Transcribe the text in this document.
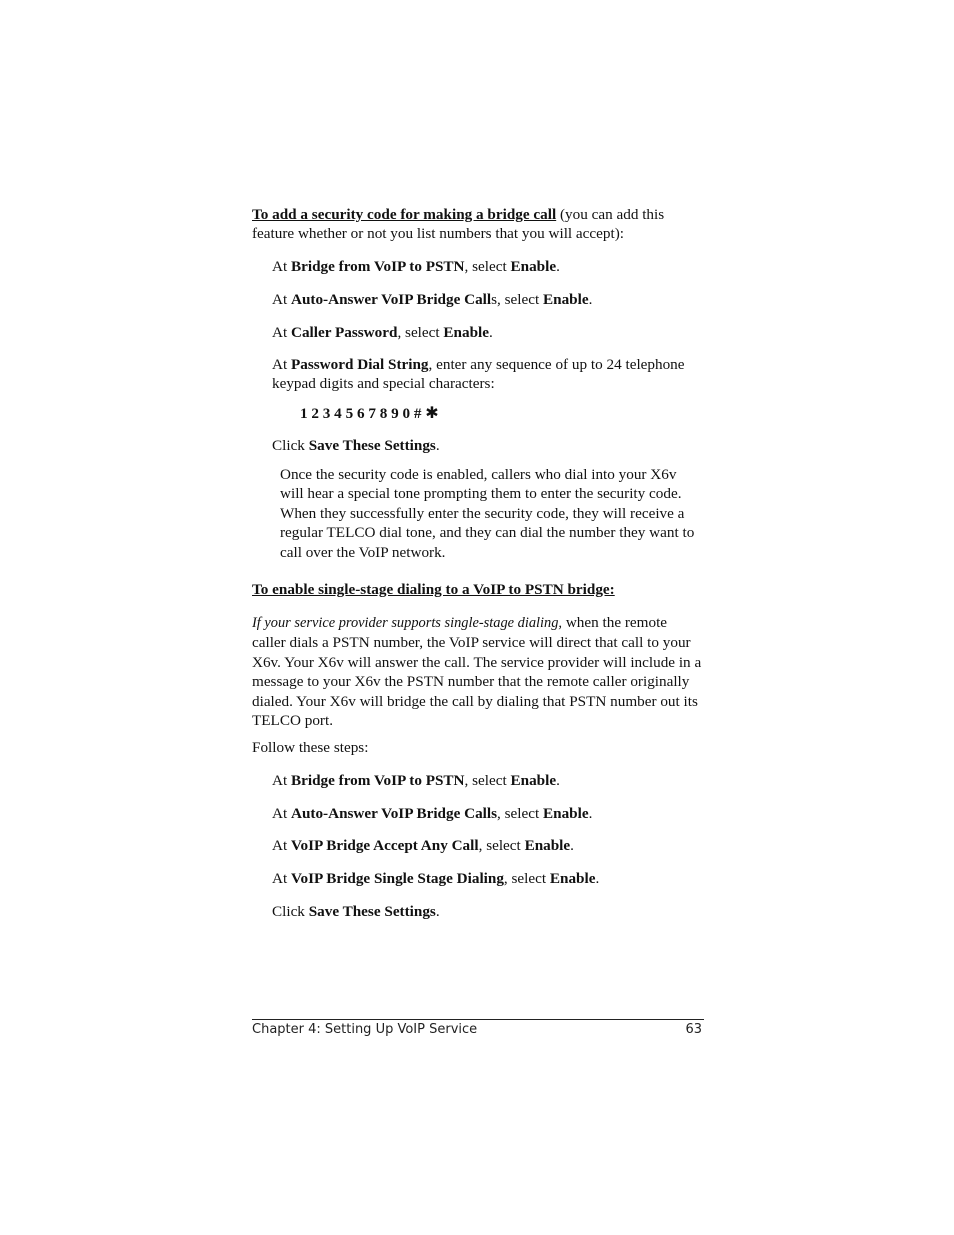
To add a security code for making a bridge call (you can add this feature whether or not you list numbers that you will accept):
At Bridge from VoIP to PSTN, select Enable.
At Auto-Answer VoIP Bridge Calls, select Enable.
At Caller Password, select Enable.
At Password Dial String, enter any sequence of up to 24 telephone keypad digits and special characters:
1 2 3 4 5 6 7 8 9 0 # ✱
Click Save These Settings.
Once the security code is enabled, callers who dial into your X6v will hear a special tone prompting them to enter the security code. When they successfully enter the security code, they will receive a regular TELCO dial tone, and they can dial the number they want to call over the VoIP network.
To enable single-stage dialing to a VoIP to PSTN bridge:
If your service provider supports single-stage dialing, when the remote caller dials a PSTN number, the VoIP service will direct that call to your X6v. Your X6v will answer the call. The service provider will include in a message to your X6v the PSTN number that the remote caller originally dialed. Your X6v will bridge the call by dialing that PSTN number out its TELCO port.
Follow these steps:
At Bridge from VoIP to PSTN, select Enable.
At Auto-Answer VoIP Bridge Calls, select Enable.
At VoIP Bridge Accept Any Call, select Enable.
At VoIP Bridge Single Stage Dialing, select Enable.
Click Save These Settings.
Chapter 4: Setting Up VoIP Service	63
